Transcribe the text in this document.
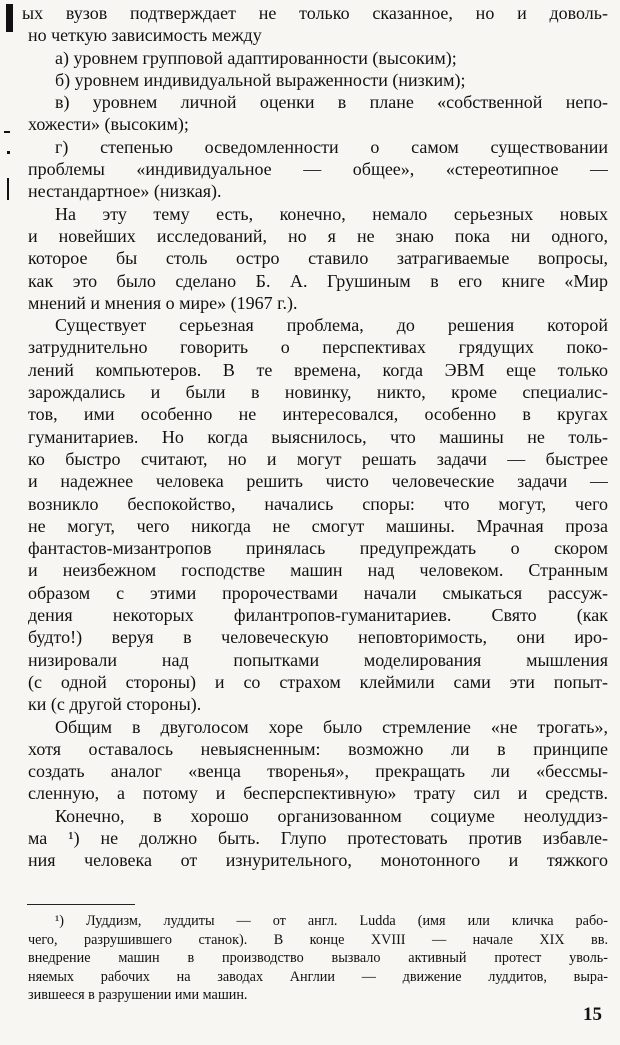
ых вузов подтверждает не только сказанное, но и доволь-
но четкую зависимость между
а) уровнем групповой адаптированности (высоким);
б) уровнем индивидуальной выраженности (низким);
в) уровнем личной оценки в плане «собственной непо-
хожести» (высоким);
г) степенью осведомленности о самом существовании
проблемы «индивидуальное — общее», «стереотипное —
нестандартное» (низкая).
На эту тему есть, конечно, немало серьезных новых
и новейших исследований, но я не знаю пока ни одного,
которое бы столь остро ставило затрагиваемые вопросы,
как это было сделано Б. А. Грушиным в его книге «Мир
мнений и мнения о мире» (1967 г.).
Существует серьезная проблема, до решения которой
затруднительно говорить о перспективах грядущих поко-
лений компьютеров. В те времена, когда ЭВМ еще только
зарождались и были в новинку, никто, кроме специалис-
тов, ими особенно не интересовался, особенно в кругах
гуманитариев. Но когда выяснилось, что машины не толь-
ко быстро считают, но и могут решать задачи — быстрее
и надежнее человека решить чисто человеческие задачи —
возникло беспокойство, начались споры: что могут, чего
не могут, чего никогда не смогут машины. Мрачная проза
фантастов-мизантропов принялась предупреждать о скором
и неизбежном господстве машин над человеком. Странным
образом с этими пророчествами начали смыкаться рассуж-
дения некоторых филантропов-гуманитариев. Свято (как
будто!) веруя в человеческую неповторимость, они иро-
низировали над попытками моделирования мышления
(с одной стороны) и со страхом клеймили сами эти попыт-
ки (с другой стороны).
Общим в двуголосом хоре было стремление «не трогать»,
хотя оставалось невыясненным: возможно ли в принципе
создать аналог «венца творенья», прекращать ли «бессмы-
сленную, а потому и бесперспективную» трату сил и средств.
Конечно, в хорошо организованном социуме неолуддиз-
ма ¹) не должно быть. Глупо протестовать против избавле-
ния человека от изнурительного, монотонного и тяжкого
¹) Луддизм, луддиты — от англ. Ludda (имя или кличка рабо-
чего, разрушившего станок). В конце XVIII — начале XIX вв.
внедрение машин в производство вызвало активный протест уволь-
няемых рабочих на заводах Англии — движение луддитов, выра-
зившееся в разрушении ими машин.
15
